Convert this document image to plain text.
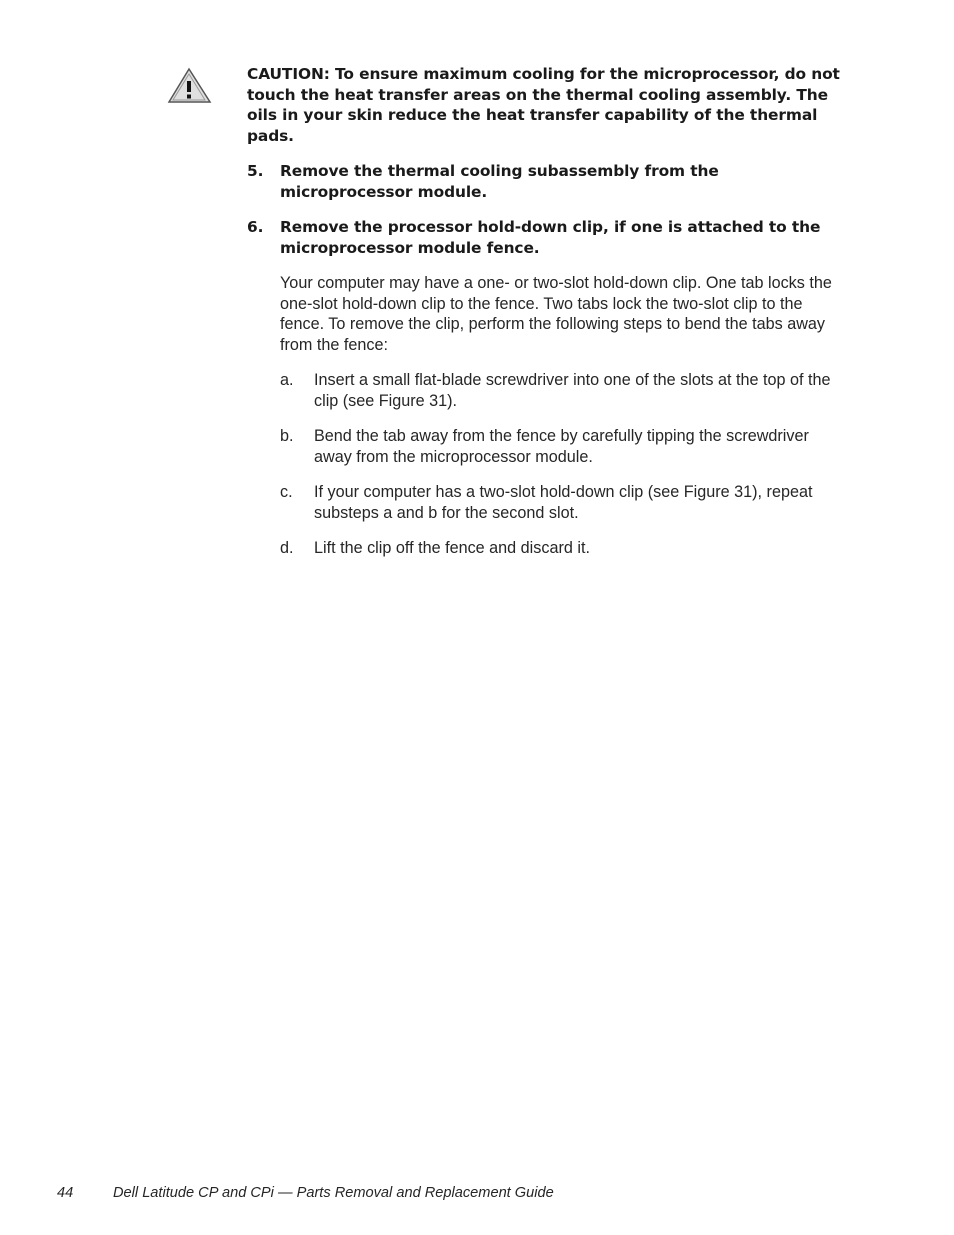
CAUTION: To ensure maximum cooling for the microprocessor, do not touch the heat transfer areas on the thermal cooling assembly. The oils in your skin reduce the heat transfer capability of the thermal pads.
5. Remove the thermal cooling subassembly from the microprocessor module.
6. Remove the processor hold-down clip, if one is attached to the microprocessor module fence.
Your computer may have a one- or two-slot hold-down clip. One tab locks the one-slot hold-down clip to the fence. Two tabs lock the two-slot clip to the fence. To remove the clip, perform the following steps to bend the tabs away from the fence:
a. Insert a small flat-blade screwdriver into one of the slots at the top of the clip (see Figure 31).
b. Bend the tab away from the fence by carefully tipping the screwdriver away from the microprocessor module.
c. If your computer has a two-slot hold-down clip (see Figure 31), repeat substeps a and b for the second slot.
d. Lift the clip off the fence and discard it.
44	Dell Latitude CP and CPi — Parts Removal and Replacement Guide
